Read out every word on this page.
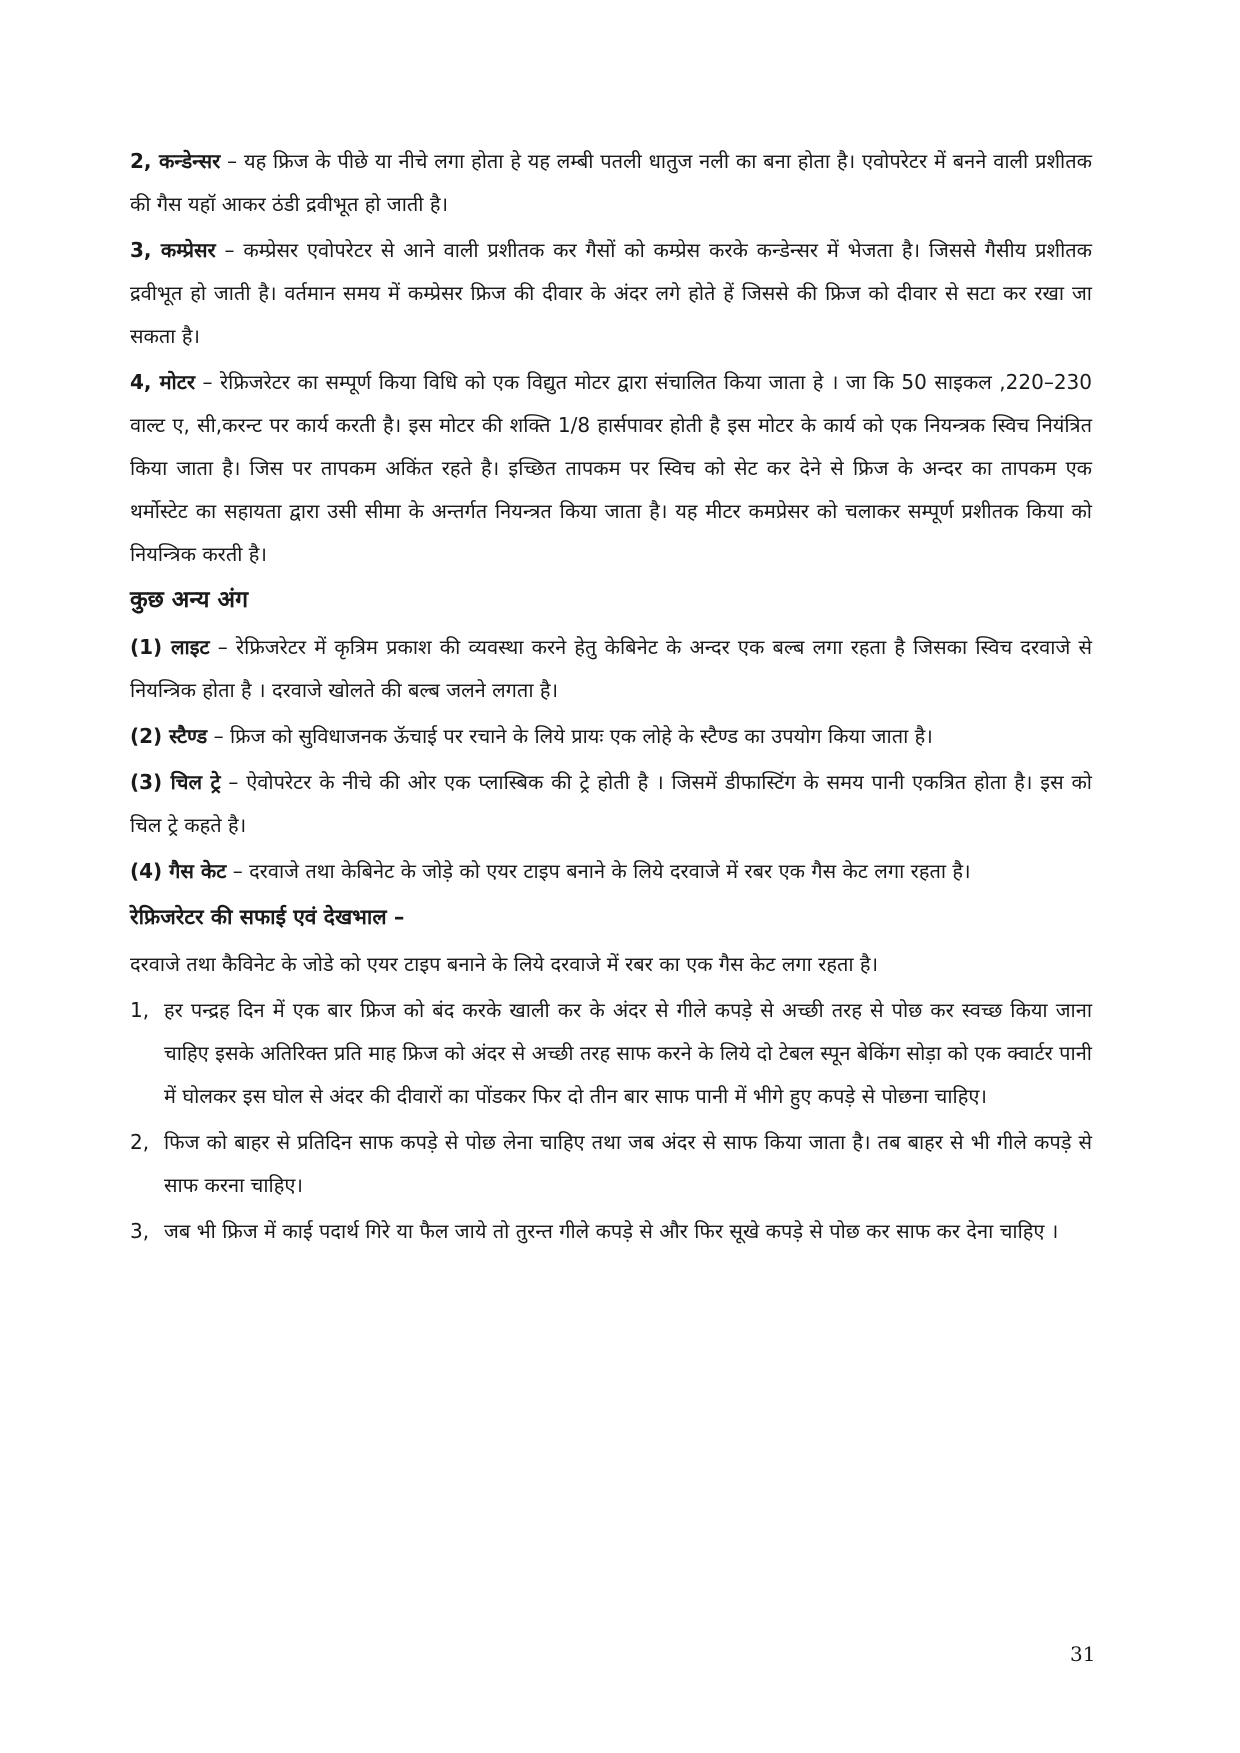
2, कन्डेन्सर – यह फ्रिज के पीछे या नीचे लगा होता हे यह लम्बी पतली धातुज नली का बना होता है। एवोपरेटर में बनने वाली प्रशीतक की गैस यहॉ आकर ठंडी द्रवीभूत हो जाती है।

3, कम्प्रेसर – कम्प्रेसर एवोपरेटर से आने वाली प्रशीतक कर गैसों को कम्प्रेस करके कन्डेन्सर में भेजता है। जिससे गैसीय प्रशीतक द्रवीभूत हो जाती है। वर्तमान समय में कम्प्रेसर फ्रिज की दीवार के अंदर लगे होते हें जिससे की फ्रिज को दीवार से सटा कर रखा जा सकता है।

4, मोटर – रेफ्रिजरेटर का सम्पूर्ण किया विधि को एक विद्युत मोटर द्वारा संचालित किया जाता हे । जा कि 50 साइकल ,220–230 वाल्ट ए, सी,करन्ट पर कार्य करती है। इस मोटर की शक्ति 1/8 हार्सपावर होती है इस मोटर के कार्य को एक नियन्त्रक स्विच नियंत्रित किया जाता है। जिस पर तापकम अकिंत रहते है। इच्छित तापकम पर स्विच को सेट कर देने से फ्रिज के अन्दर का तापकम एक थर्मोस्टेट का सहायता द्वारा उसी सीमा के अन्तर्गत नियन्त्रत किया जाता है। यह मीटर कमप्रेसर को चलाकर सम्पूर्ण प्रशीतक किया को नियन्त्रिक करती है।

कुछ अन्य अंग

(1) लाइट – रेफ्रिजरेटर में कृत्रिम प्रकाश की व्यवस्था करने हेतु केबिनेट के अन्दर एक बल्ब लगा रहता है जिसका स्विच दरवाजे से नियन्त्रिक होता है । दरवाजे खोलते की बल्ब जलने लगता है।

(2) स्टैण्ड – फ्रिज को सुविधाजनक ऊॅचाई पर रचाने के लिये प्रायः एक लोहे के स्टैण्ड का उपयोग किया जाता है।

(3) चिल ट्रे – ऐवोपरेटर के नीचे की ओर एक प्लास्बिक की ट्रे होती है । जिसमें डीफास्टिंग के समय पानी एकत्रित होता है। इस को चिल ट्रे कहते है।

(4) गैस केट – दरवाजे तथा केबिनेट के जोड़े को एयर टाइप बनाने के लिये दरवाजे में रबर एक गैस केट लगा रहता है।

रेफ्रिजरेटर की सफाई एवं देखभाल –

दरवाजे तथा कैविनेट के जोडे को एयर टाइप बनाने के लिये दरवाजे में रबर का एक गैस केट लगा रहता है।

1, हर पन्द्रह दिन में एक बार फ्रिज को बंद करके खाली कर के अंदर से गीले कपड़े से अच्छी तरह से पोछ कर स्वच्छ किया जाना चाहिए इसके अतिरिक्त प्रति माह फ्रिज को अंदर से अच्छी तरह साफ करने के लिये दो टेबल स्पून बेकिंग सोड़ा को एक क्वार्टर पानी में घोलकर इस घोल से अंदर की दीवारों का पोंडकर फिर दो तीन बार साफ पानी में भीगे हुए कपड़े से पोछना चाहिए।
2, फिज को बाहर से प्रतिदिन साफ कपड़े से पोछ लेना चाहिए तथा जब अंदर से साफ किया जाता है। तब बाहर से भी गीले कपड़े से साफ करना चाहिए।
3, जब भी फ्रिज में काई पदार्थ गिरे या फैल जाये तो तुरन्त गीले कपड़े से और फिर सूखे कपड़े से पोछ कर साफ कर देना चाहिए ।
31
